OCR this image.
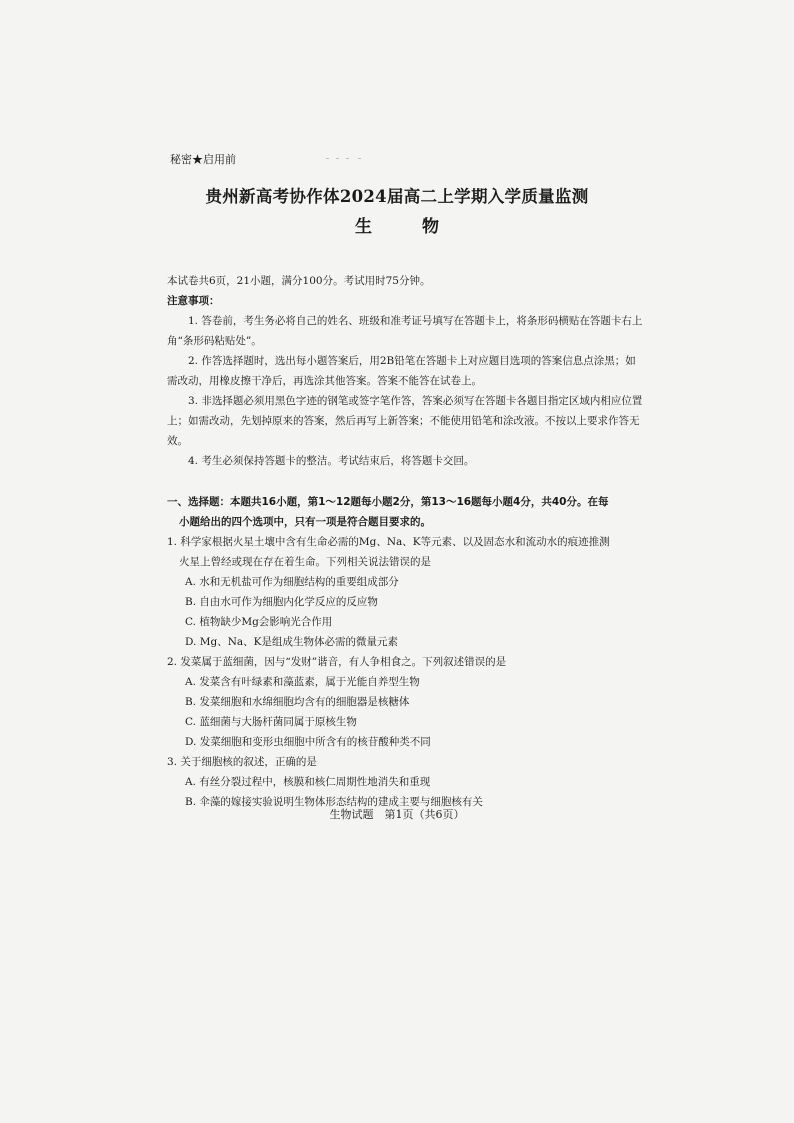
秘密★启用前
贵州新高考协作体2024届高二上学期入学质量监测
生 物

本试卷共6页，21小题，满分100分。考试用时75分钟。

注意事项：

1. 答卷前，考生务必将自己的姓名、班级和准考证号填写在答题卡上，将条形码横贴在答题卡右上角“条形码粘贴处”。

2. 作答选择题时，选出每小题答案后，用2B铅笔在答题卡上对应题目选项的答案信息点涂黑；如需改动，用橡皮擦干净后，再选涂其他答案。答案不能答在试卷上。

3. 非选择题必须用黑色字迹的钢笔或签字笔作答，答案必须写在答题卡各题目指定区域内相应位置上；如需改动，先划掉原来的答案，然后再写上新答案；不能使用铅笔和涂改液。不按以上要求作答无效。

4. 考生必须保持答题卡的整洁。考试结束后，将答题卡交回。

一、选择题：本题共16小题，第1～12题每小题2分，第13～16题每小题4分，共40分。在每
小题给出的四个选项中，只有一项是符合题目要求的。

1. 科学家根据火星土壤中含有生命必需的Mg、Na、K等元素、以及固态水和流动水的痕迹推测

火星上曾经或现在存在着生命。下列相关说法错误的是

A. 水和无机盐可作为细胞结构的重要组成部分

B. 自由水可作为细胞内化学反应的反应物

C. 植物缺少Mg会影响光合作用

D. Mg、Na、K是组成生物体必需的微量元素

2. 发菜属于蓝细菌，因与“发财”谐音，有人争相食之。下列叙述错误的是

A. 发菜含有叶绿素和藻蓝素，属于光能自养型生物

B. 发菜细胞和水绵细胞均含有的细胞器是核糖体

C. 蓝细菌与大肠杆菌同属于原核生物

D. 发菜细胞和变形虫细胞中所含有的核苷酸种类不同

3. 关于细胞核的叙述，正确的是

A. 有丝分裂过程中，核膜和核仁周期性地消失和重现

B. 伞藻的嫁接实验说明生物体形态结构的建成主要与细胞核有关

生物试题　第1页（共6页）
